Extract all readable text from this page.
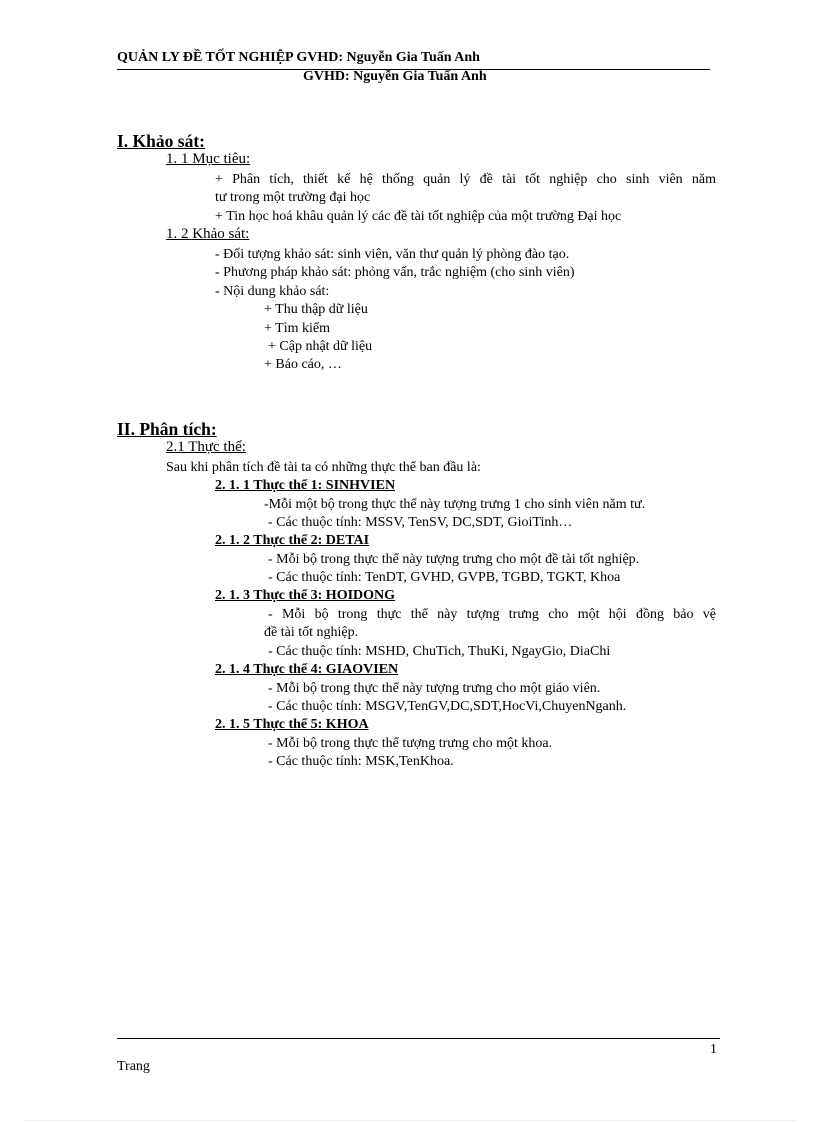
QUẢN LY ĐỀ TỐT NGHIỆP GVHD: Nguyễn Gia Tuấn Anh
GVHD: Nguyễn Gia Tuấn Anh
I. Khảo sát:
1. 1 Mục tiêu:
+ Phân tích, thiết kế hệ thống quản lý đề tài tốt nghiệp cho sinh viên năm
tư trong một trường đại học
+ Tin học hoá khâu quản lý các đề tài tốt nghiệp của một trường Đại học
1. 2 Khảo sát:
- Đối tượng khảo sát: sinh viên, văn thư quản lý phòng đào tạo.
- Phương pháp khảo sát: phỏng vấn, trắc nghiệm (cho sinh viên)
- Nội dung khảo sát:
+ Thu thập dữ liệu
+ Tìm kiếm
+ Cập nhật dữ liệu
+ Báo cáo, …
II. Phân tích:
2.1 Thực thể:
Sau khi phân tích đề tài ta có những thực thể ban đầu là:
2. 1. 1 Thực thể 1: SINHVIEN
-Mỗi một bộ trong thực thể này tượng trưng 1 cho sinh viên năm tư.
- Các thuộc tính: MSSV, TenSV, DC,SDT, GioiTinh…
2. 1. 2 Thực thể 2: DETAI
- Mỗi bộ trong thực thể này tượng trưng cho một đề tài tốt nghiệp.
- Các thuộc tính: TenDT, GVHD, GVPB, TGBD, TGKT, Khoa
2. 1. 3 Thực thể 3: HOIDONG
- Mỗi bộ trong thực thể này tượng trưng cho một hội đồng bảo vệ
đề tài tốt nghiệp.
- Các thuộc tính: MSHD, ChuTich, ThuKi, NgayGio, DiaChi
2. 1. 4 Thực thể 4: GIAOVIEN
- Mỗi bộ trong thực thể này tượng trưng cho một giáo viên.
- Các thuộc tính: MSGV,TenGV,DC,SDT,HocVi,ChuyenNganh.
2. 1. 5 Thực thể 5: KHOA
- Mỗi bộ trong thực thể tượng trưng cho một khoa.
- Các thuộc tính: MSK,TenKhoa.
1
Trang
